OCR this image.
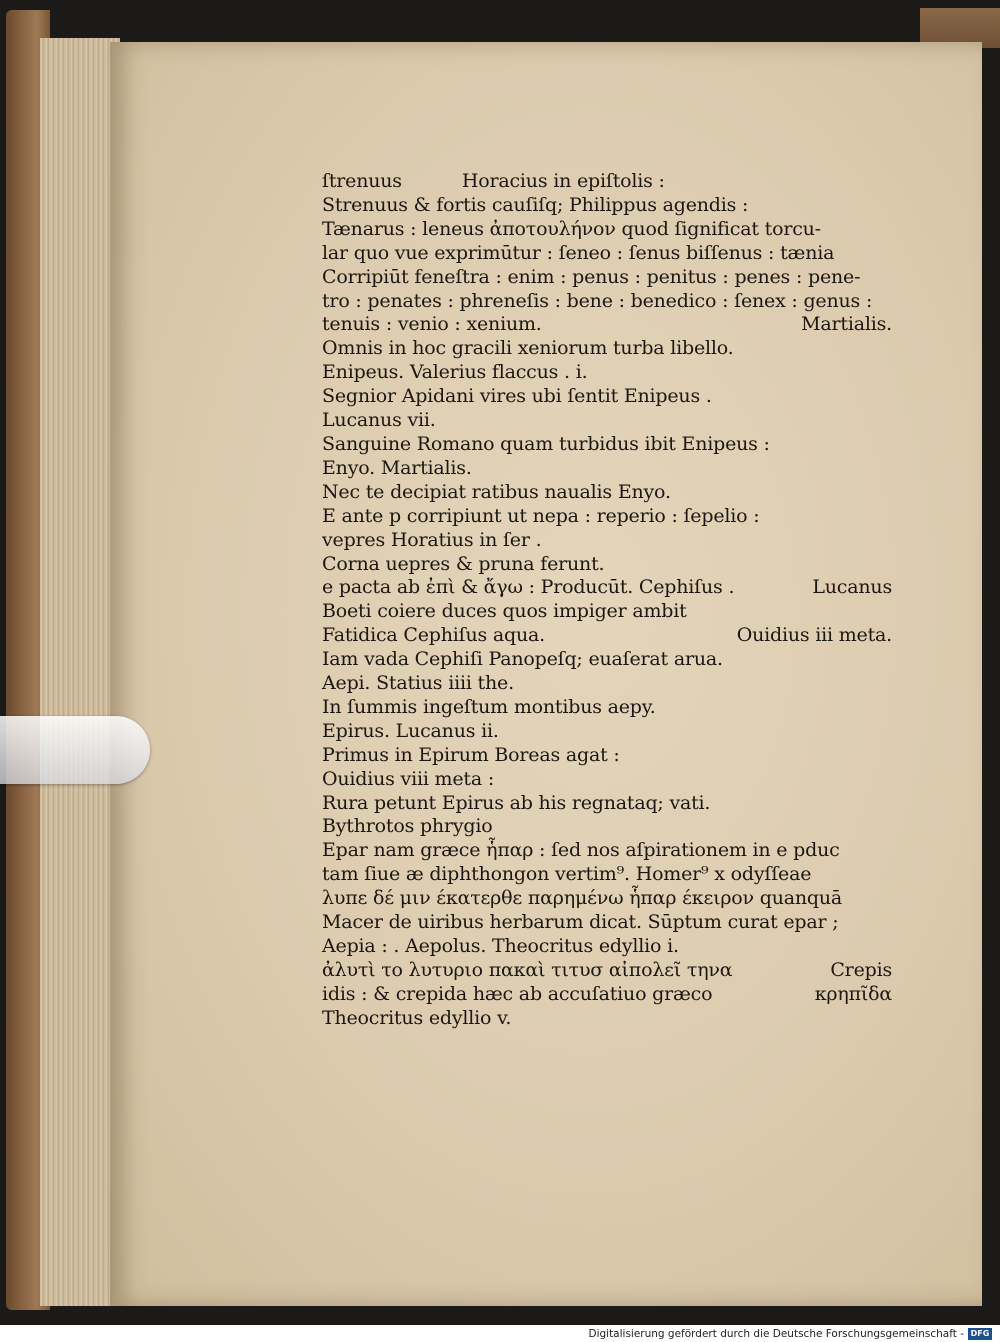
ſtrenuus	Horacius in epiſtolis :
Strenuus & fortis cauſiſq; Philippus agendis :
Tænarus : leneus ἀποτουλήνον quod ſignificat torcu-
lar quo vue exprimūtur : ſeneo : ſenus biſſenus : tænia
Corripiūt feneſtra : enim : penus : penitus : penes : pene-
tro : penates : phreneſis : bene : benedico : ſenex : genus :
tenuis : venio : xenium.	Martialis.
Omnis in hoc gracili xeniorum turba libello.
Enipeus. Valerius flaccus . i.
Segnior Apidani vires ubi ſentit Enipeus .
Lucanus vii.
Sanguine Romano quam turbidus ibit Enipeus :
Enyo. Martialis.
Nec te decipiat ratibus naualis Enyo.
E ante p corripiunt ut nepa : reperio : ſepelio :
vepres Horatius in ſer .
Corna uepres & pruna ferunt.
e pacta ab ἐπὶ & ἄγω : Producūt. Cephiſus .	Lucanus
Boeti coiere duces quos impiger ambit
Fatidica Cephiſus aqua.	Ouidius iii meta.
Iam vada Cephiſi Panopeſq; euaſerat arua.
Aepi. Statius iiii the.
In ſummis ingeſtum montibus aepy.
Epirus. Lucanus ii.
Primus in Epirum Boreas agat :
Ouidius viii meta :
Rura petunt Epirus ab his regnataq; vati.
Bythrotos phrygio
Epar nam græce ἧπαρ : ſed nos aſpirationem in e pduc
tam ſiue æ diphthongon vertim⁹. Homer⁹ x odyſſeae
λυπε δέ μιν έκατερθε παρημένω ἧπαρ έκειρον quanquā
Macer de uiribus herbarum dicat. Sūptum curat epar ;
Aepia : . Aepolus. Theocritus edyllio i.
ἀλυτὶ το λυτυριο πακαὶ τιτυσ αἰπολεῖ τηνα	Crepis
idis : & crepida hæc ab accuſatiuo græco	κρηπῖδα
Theocritus edyllio v.
Digitalisierung gefördert durch die Deutsche Forschungsgemeinschaft - DFG
